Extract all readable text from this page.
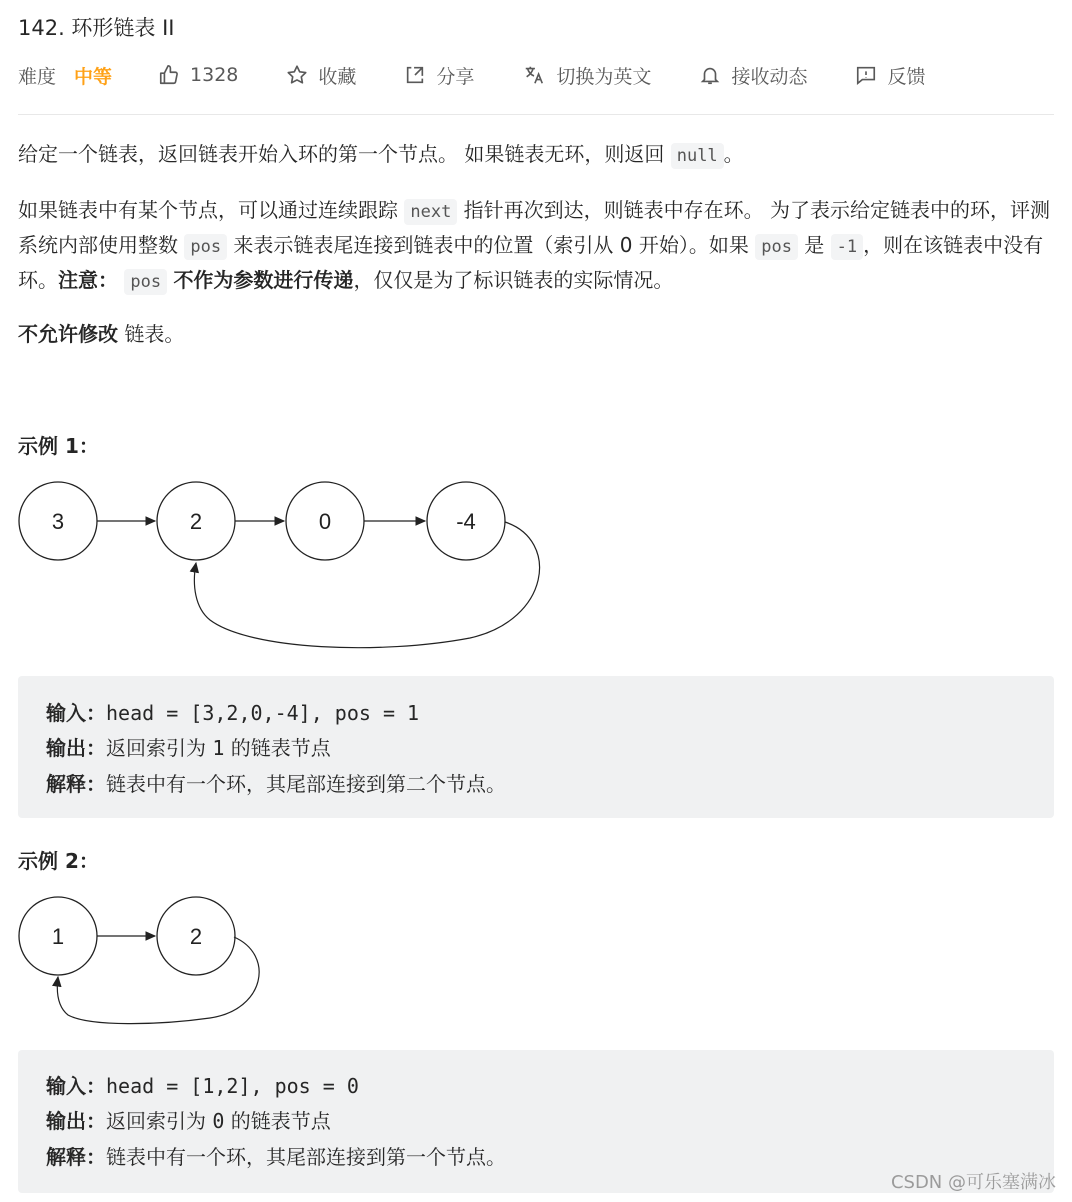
142. 环形链表 II
难度 中等	1328	收藏	分享	切换为英文	接收动态	反馈

给定一个链表，返回链表开始入环的第一个节点。 如果链表无环，则返回 null 。

如果链表中有某个节点，可以通过连续跟踪 next 指针再次到达，则链表中存在环。 为了表示给定链表中的环，评测系统内部使用整数 pos 来表示链表尾连接到链表中的位置（索引从 0 开始）。如果 pos 是 -1 ，则在该链表中没有环。注意： pos 不作为参数进行传递，仅仅是为了标识链表的实际情况。

不允许修改 链表。

示例 1：
3	2	0	-4
输入：head = [3,2,0,-4], pos = 1
输出：返回索引为 1 的链表节点
解释：链表中有一个环，其尾部连接到第二个节点。
示例 2：
1	2
输入：head = [1,2], pos = 0
输出：返回索引为 0 的链表节点
解释：链表中有一个环，其尾部连接到第一个节点。
CSDN @可乐塞满冰
